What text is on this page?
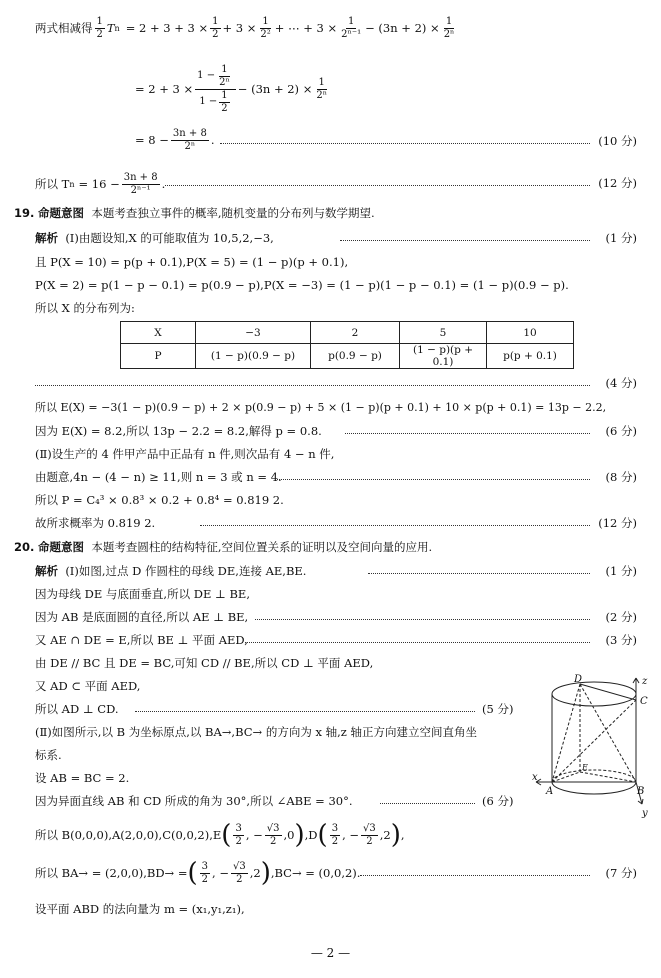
两式相减得 $\frac{1}{2}$ T $n = 2 + 3 + 3 \times \frac{1}{2} + 3 \times \frac{1}{\text{2²}}$ + ⋯ + $3 \times \frac{1}{\text{2ⁿ⁻¹}} - (3n + 2) \times \frac{1}{\text{2ⁿ}}$
= $2 + 3 \times \frac{1 - \frac{1}{\text{2ⁿ}}}{1 - \frac{1}{2}} - (3n + 2) \times \frac{1}{\text{2ⁿ}}$
= $8 - \frac{3n + 8}{\text{2ⁿ}}$ .	(10 分)
所以 T $n = 16 - \frac{3n + 8}{\text{2ⁿ⁻¹}}$ .	(12 分)
19. 命题意图 本题考查独立事件的概率,随机变量的分布列与数学期望.
解析 (Ⅰ)由题设知,X 的可能取值为 10,5,2,−3,	(1 分)
且 P(X = 10) = p(p + 0.1),P(X = 5) = (1 − p)(p + 0.1),
P(X = 2) = p(1 − p − 0.1) = p(0.9 − p),P(X = −3) = (1 − p)(1 − p − 0.1) = (1 − p)(0.9 − p).
所以 X 的分布列为:
X	−3	2	5	10
P	(1 − p)(0.9 − p)	p(0.9 − p)	(1 − p)(p + 0.1)	p(p + 0.1)
(4 分)
所以 E(X) = −3(1 − p)(0.9 − p) + 2 × p(0.9 − p) + 5 × (1 − p)(p + 0.1) + 10 × p(p + 0.1) = 13p − 2.2,
因为 E(X) = 8.2,所以 13p − 2.2 = 8.2,解得 p = 0.8.	(6 分)
(Ⅱ)设生产的 4 件甲产品中正品有 n 件,则次品有 4 − n 件,
由题意,4n − (4 − n) ≥ 11,则 n = 3 或 n = 4.	(8 分)
所以 P = C₄³ × 0.8³ × 0.2 + 0.8⁴ = 0.819 2.
故所求概率为 0.819 2.	(12 分)
20. 命题意图 本题考查圆柱的结构特征,空间位置关系的证明以及空间向量的应用.
解析 (Ⅰ)如图,过点 D 作圆柱的母线 DE,连接 AE,BE.	(1 分)
因为母线 DE 与底面垂直,所以 DE ⊥ BE,
因为 AB 是底面圆的直径,所以 AE ⊥ BE,	(2 分)
又 AE ∩ DE = E,所以 BE ⊥ 平面 AED,	(3 分)
由 DE // BC 且 DE = BC,可知 CD // BE,所以 CD ⊥ 平面 AED,
又 AD ⊂ 平面 AED,
所以 AD ⊥ CD.	(5 分)
(Ⅱ)如图所示,以 B 为坐标原点,以 BA→,BC→ 的方向为 x 轴,z 轴正方向建立空间直角坐
标系.
设 AB = BC = 2.
因为异面直线 AB 和 CD 所成的角为 30°,所以 ∠ABE = 30°.	(6 分)
所以 B(0,0,0),A(2,0,0),C(0,0,2),E ( $\frac{3}{2}$ , − $\frac{√3}{2} ,0$ ) ,D ( $\frac{3}{2}$ , − $\frac{√3}{2} ,2$ ) ,
所以 BA→ = (2,0,0),BD→ = ( $\frac{3}{2}$ , − $\frac{√3}{2} ,2$ ) ,BC→ = (0,0,2).	(7 分)
设平面 ABD 的法向量为 m = (x₁,y₁,z₁),
D
C
E
A	B
x
z
y
— 2 —
